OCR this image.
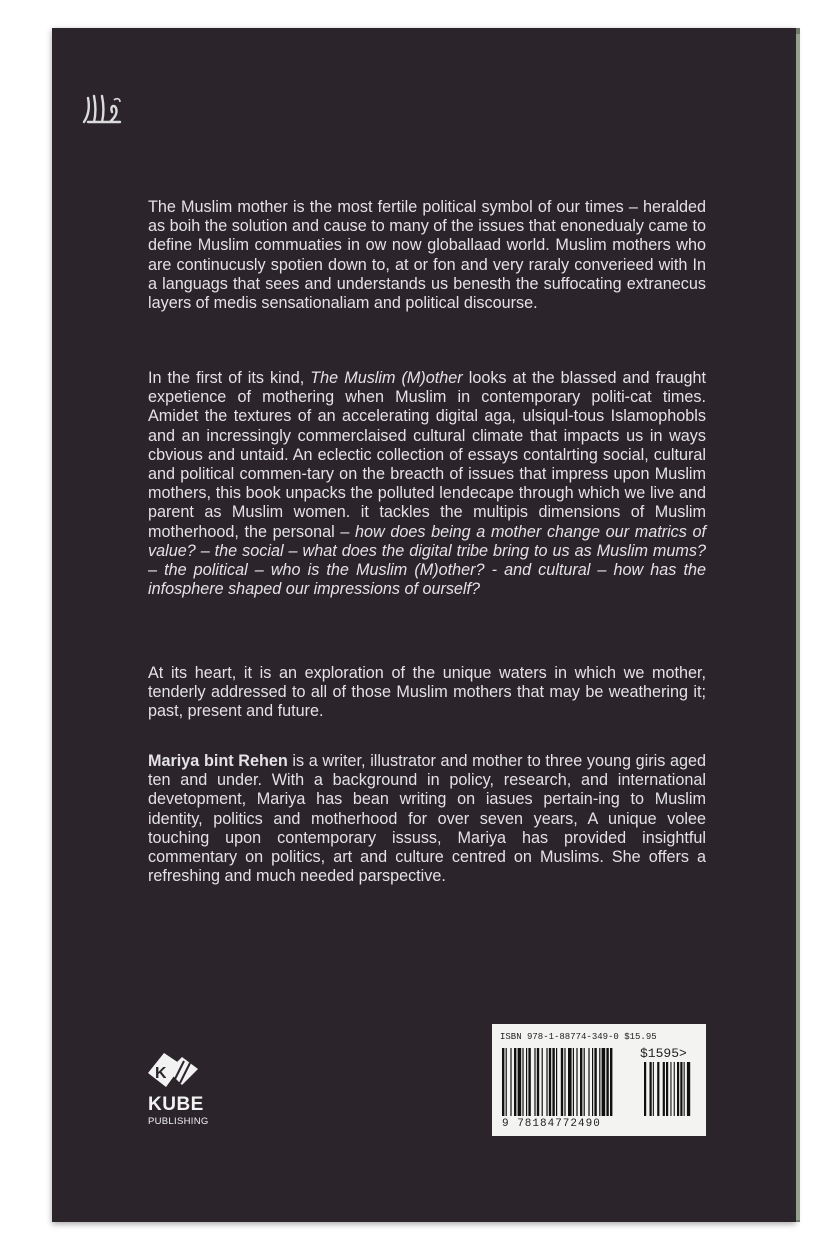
The Muslim mother is the most fertile political symbol of our times – heralded as boih the solution and cause to many of the issues that enonedualy came to define Muslim commuaties in ow now globallaad world. Muslim mothers who are continucusly spotien down to, at or fon and very raraly converieed with In a languags that sees and understands us benesth the suffocating extranecus layers of medis sensationaliam and political discourse.
In the first of its kind, The Muslim (M)other looks at the blassed and fraught expetience of mothering when Muslim in contemporary politi-cat times. Amidet the textures of an accelerating digital aga, ulsiqul-tous Islamophobls and an incressingly commerclaised cultural climate that impacts us in ways cbvious and untaid. An eclectic collection of essays contalrting social, cultural and political commen-tary on the breacth of issues that impress upon Muslim mothers, this book unpacks the polluted lendecape through which we live and parent as Muslim women. it tackles the multipis dimensions of Muslim motherhood, the personal – how does being a mother change our matrics of value? – the social – what does the digital tribe bring to us as Muslim mums? – the political – who is the Muslim (M)other? - and cultural – how has the infosphere shaped our impressions of ourself?
At its heart, it is an exploration of the unique waters in which we mother, tenderly addressed to all of those Muslim mothers that may be weathering it; past, present and future.
Mariya bint Rehen is a writer, illustrator and mother to three young giris aged ten and under. With a background in policy, research, and international devetopment, Mariya has bean writing on iasues pertain-ing to Muslim identity, politics and motherhood for over seven years, A unique volee touching upon contemporary issuss, Mariya has provided insightful commentary on politics, art and culture centred on Muslims. She offers a refreshing and much needed parspective.
K
KUBE
PUBLISHING
ISBN 978-1-88774-349-0 $15.95
$1595>
9 78184772490
